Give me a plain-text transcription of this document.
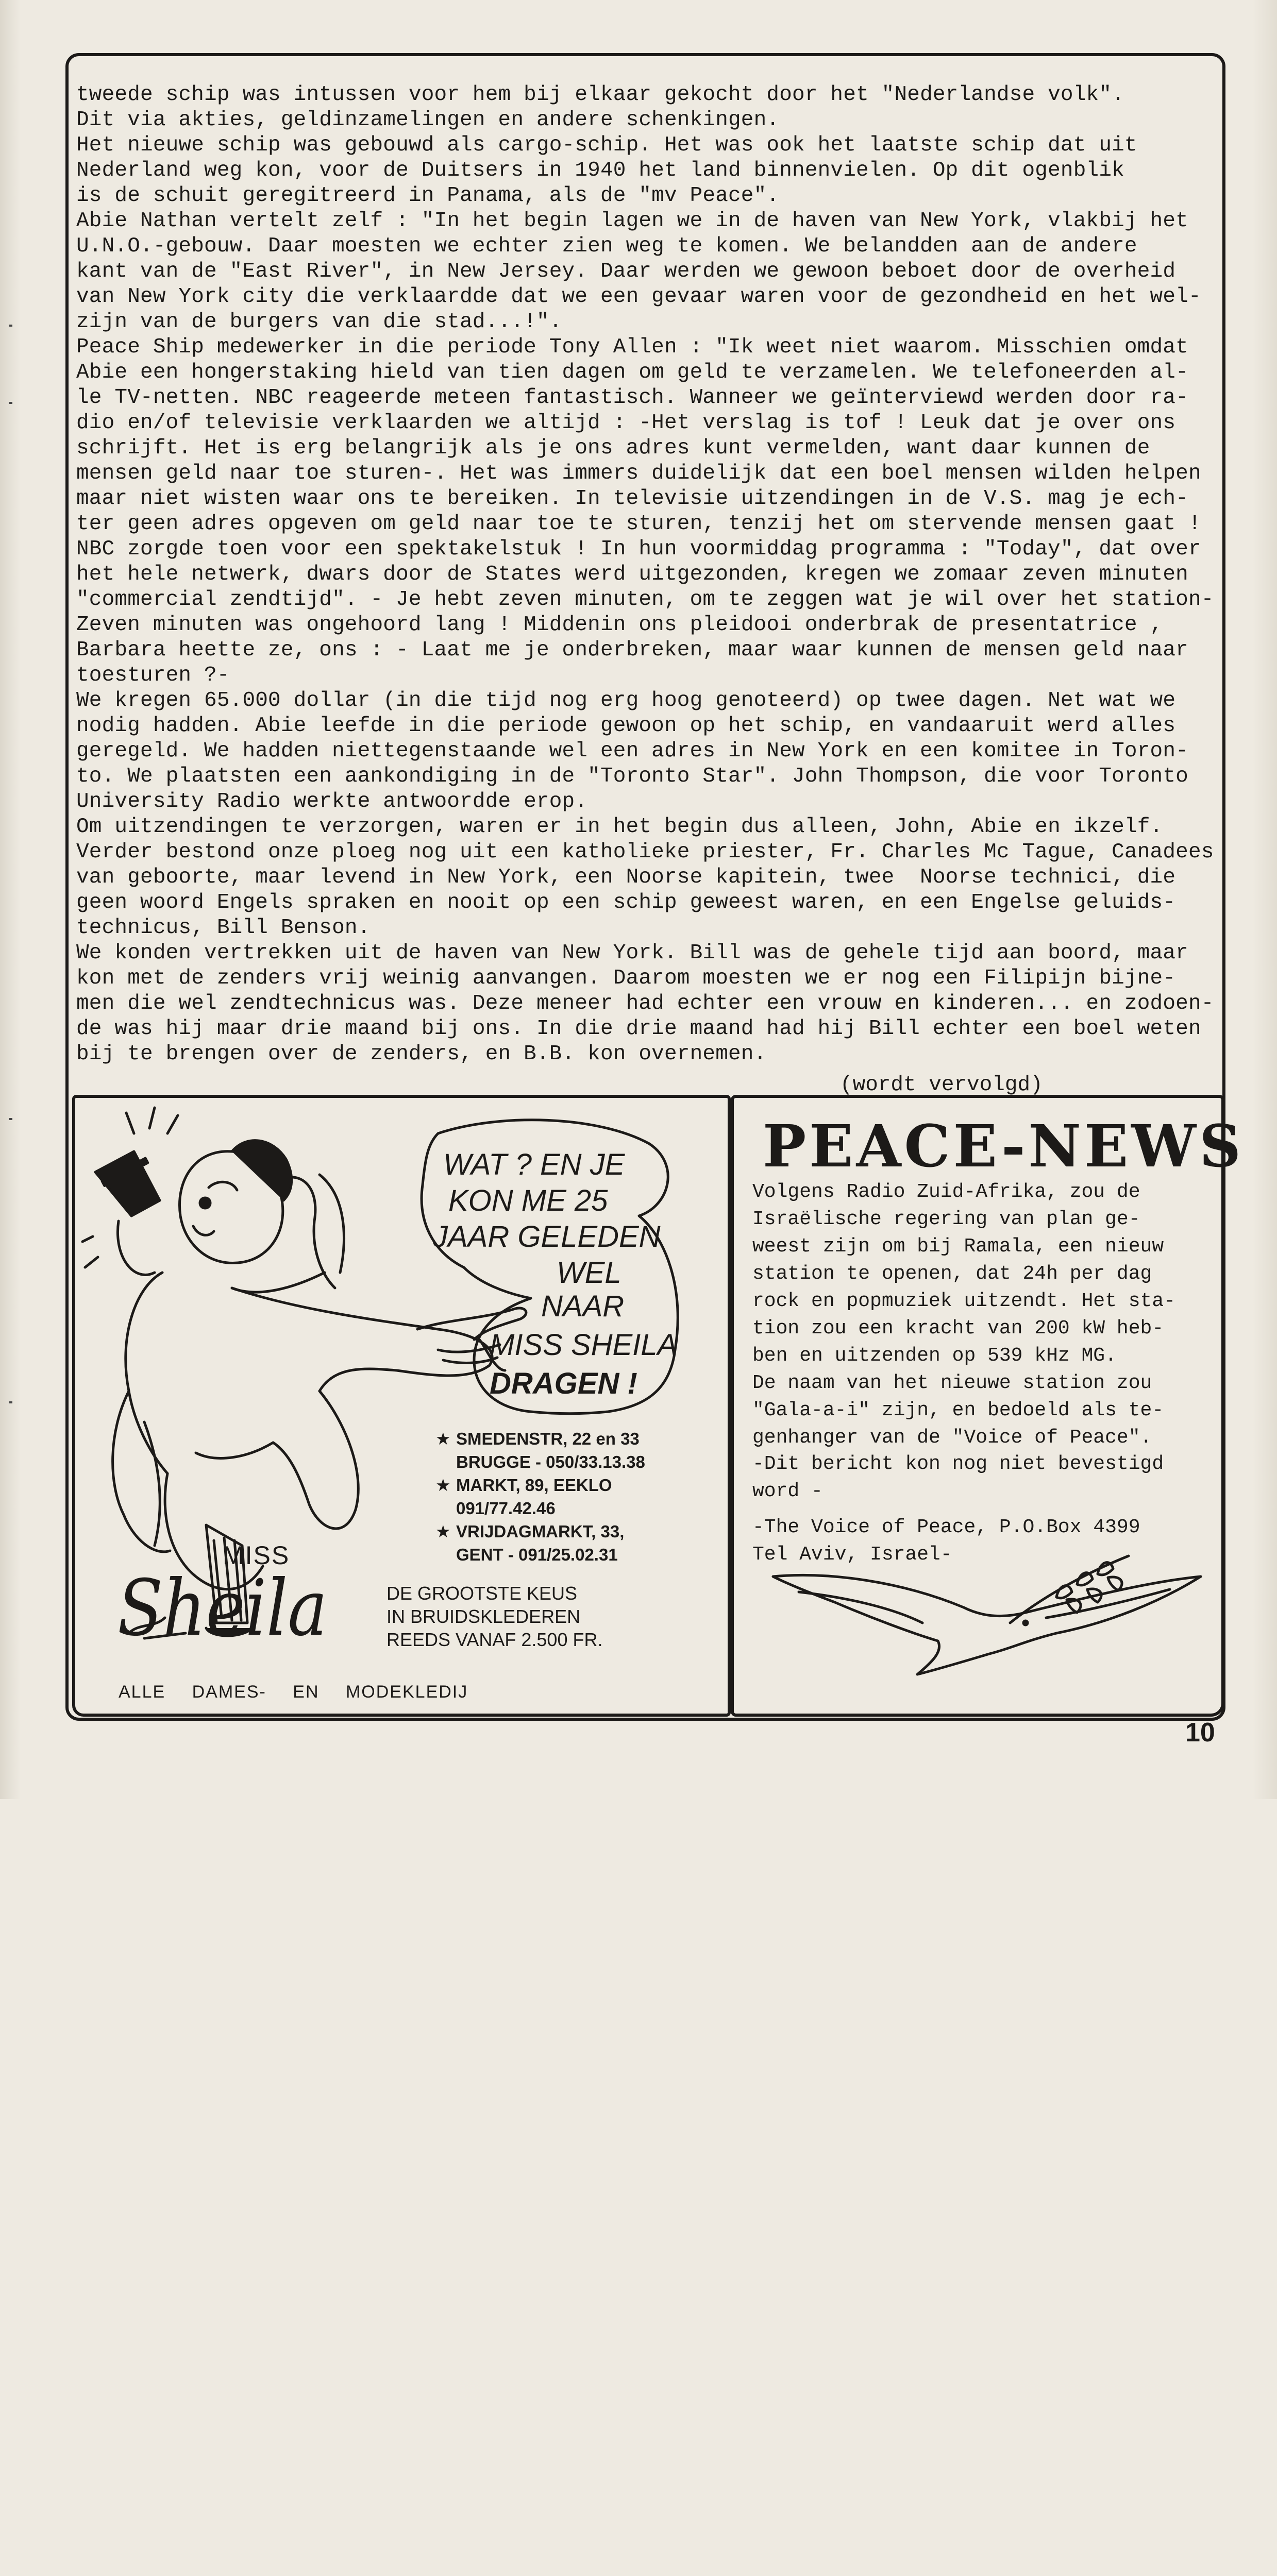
tweede schip was intussen voor hem bij elkaar gekocht door het "Nederlandse volk".
Dit via akties, geldinzamelingen en andere schenkingen.
Het nieuwe schip was gebouwd als cargo-schip. Het was ook het laatste schip dat uit
Nederland weg kon, voor de Duitsers in 1940 het land binnenvielen. Op dit ogenblik
is de schuit geregitreerd in Panama, als de "mv Peace".
Abie Nathan vertelt zelf : "In het begin lagen we in de haven van New York, vlakbij het
U.N.O.-gebouw. Daar moesten we echter zien weg te komen. We belandden aan de andere
kant van de "East River", in New Jersey. Daar werden we gewoon beboet door de overheid
van New York city die verklaardde dat we een gevaar waren voor de gezondheid en het wel-
zijn van de burgers van die stad...!".
Peace Ship medewerker in die periode Tony Allen : "Ik weet niet waarom. Misschien omdat
Abie een hongerstaking hield van tien dagen om geld te verzamelen. We telefoneerden al-
le TV-netten. NBC reageerde meteen fantastisch. Wanneer we geïnterviewd werden door ra-
dio en/of televisie verklaarden we altijd : -Het verslag is tof ! Leuk dat je over ons
schrijft. Het is erg belangrijk als je ons adres kunt vermelden, want daar kunnen de
mensen geld naar toe sturen-. Het was immers duidelijk dat een boel mensen wilden helpen
maar niet wisten waar ons te bereiken. In televisie uitzendingen in de V.S. mag je ech-
ter geen adres opgeven om geld naar toe te sturen, tenzij het om stervende mensen gaat !
NBC zorgde toen voor een spektakelstuk ! In hun voormiddag programma : "Today", dat over
het hele netwerk, dwars door de States werd uitgezonden, kregen we zomaar zeven minuten
"commercial zendtijd". - Je hebt zeven minuten, om te zeggen wat je wil over het station-
Zeven minuten was ongehoord lang ! Middenin ons pleidooi onderbrak de presentatrice ,
Barbara heette ze, ons : - Laat me je onderbreken, maar waar kunnen de mensen geld naar
toesturen ?-
We kregen 65.000 dollar (in die tijd nog erg hoog genoteerd) op twee dagen. Net wat we
nodig hadden. Abie leefde in die periode gewoon op het schip, en vandaaruit werd alles
geregeld. We hadden niettegenstaande wel een adres in New York en een komitee in Toron-
to. We plaatsten een aankondiging in de "Toronto Star". John Thompson, die voor Toronto
University Radio werkte antwoordde erop.
Om uitzendingen te verzorgen, waren er in het begin dus alleen, John, Abie en ikzelf.
Verder bestond onze ploeg nog uit een katholieke priester, Fr. Charles Mc Tague, Canadees
van geboorte, maar levend in New York, een Noorse kapitein, twee  Noorse technici, die
geen woord Engels spraken en nooit op een schip geweest waren, en een Engelse geluids-
technicus, Bill Benson.
We konden vertrekken uit de haven van New York. Bill was de gehele tijd aan boord, maar
kon met de zenders vrij weinig aanvangen. Daarom moesten we er nog een Filipijn bijne-
men die wel zendtechnicus was. Deze meneer had echter een vrouw en kinderen... en zodoen-
de was hij maar drie maand bij ons. In die drie maand had hij Bill echter een boel weten
bij te brengen over de zenders, en B.B. kon overnemen.
(wordt vervolgd)
WAT ? EN JE
KON ME 25
JAAR GELEDEN
WEL
NAAR
MISS SHEILA
DRAGEN !
★ SMEDENSTR, 22 en 33
BRUGGE - 050/33.13.38
★ MARKT, 89, EEKLO
091/77.42.46
★ VRIJDAGMARKT, 33,
GENT - 091/25.02.31
MISS
Sheila	DE GROOTSTE KEUS
IN BRUIDSKLEDEREN
REEDS VANAF 2.500 FR.
ALLE DAMES- EN MODEKLEDIJ
PEACE-NEWS
Volgens Radio Zuid-Afrika, zou de
Israëlische regering van plan ge-
weest zijn om bij Ramala, een nieuw
station te openen, dat 24h per dag
rock en popmuziek uitzendt. Het sta-
tion zou een kracht van 200 kW heb-
ben en uitzenden op 539 kHz MG.
De naam van het nieuwe station zou
"Gala-a-i" zijn, en bedoeld als te-
genhanger van de "Voice of Peace".
-Dit bericht kon nog niet bevestigd
word -
-The Voice of Peace, P.O.Box 4399
Tel Aviv, Israel-
10
